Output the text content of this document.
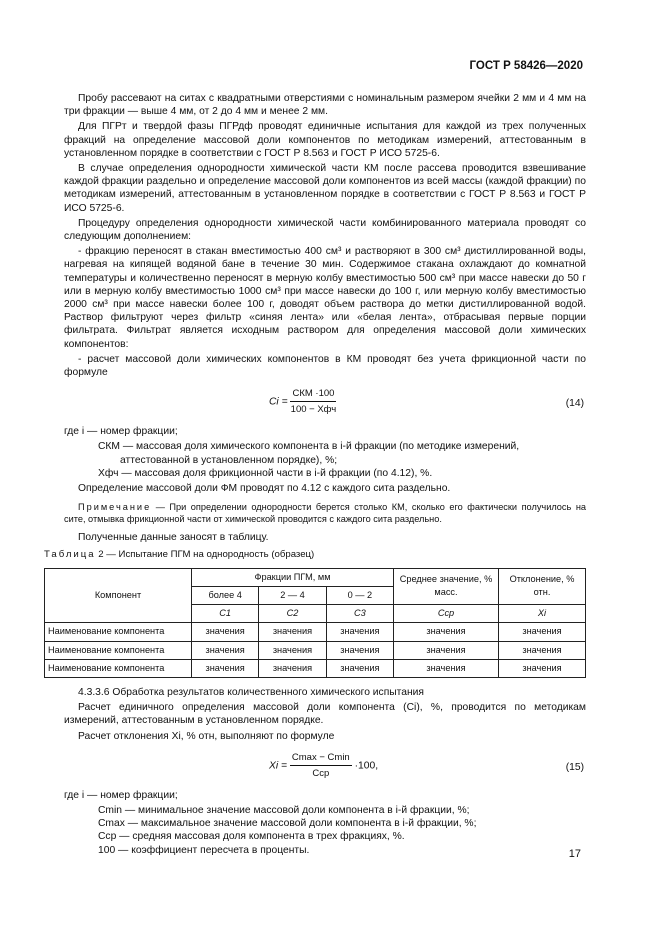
ГОСТ Р 58426—2020

Пробу рассевают на ситах с квадратными отверстиями с номинальным размером ячейки 2 мм и 4 мм на три фракции — выше 4 мм, от 2 до 4 мм и менее 2 мм.

Для ПГРт и твердой фазы ПГРдф проводят единичные испытания для каждой из трех полученных фракций на определение массовой доли компонентов по методикам измерений, аттестованным в установленном порядке в соответствии с ГОСТ Р 8.563 и ГОСТ Р ИСО 5725-6.

В случае определения однородности химической части КМ после рассева проводится взвешивание каждой фракции раздельно и определение массовой доли компонентов из всей массы (каждой фракции) по методикам измерений, аттестованным в установленном порядке в соответствии с ГОСТ Р 8.563 и ГОСТ Р ИСО 5725-6.

Процедуру определения однородности химической части комбинированного материала проводят со следующим дополнением:

- фракцию переносят в стакан вместимостью 400 см³ и растворяют в 300 см³ дистиллированной воды, нагревая на кипящей водяной бане в течение 30 мин. Содержимое стакана охлаждают до комнатной температуры и количественно переносят в мерную колбу вместимостью 500 см³ при массе навески до 50 г или в мерную колбу вместимостью 1000 см³ при массе навески до 100 г, или мерную колбу вместимостью 2000 см³ при массе навески более 100 г, доводят объем раствора до метки дистиллированной водой. Раствор фильтруют через фильтр «синяя лента» или «белая лента», отбрасывая первые порции фильтрата. Фильтрат является исходным раствором для определения массовой доли химических компонентов:

- расчет массовой доли химических компонентов в КМ проводят без учета фрикционной части по формуле

$Ci = \frac{\text{CКМ ·100}}{\text{100 − Xфч}}$	(14)

где i — номер фракции;

CКМ — массовая доля химического компонента в i-й фракции (по методике измерений, аттестованной в установленном порядке), %;

Xфч — массовая доля фрикционной части в i-й фракции (по 4.12), %.

Определение массовой доли ФМ проводят по 4.12 с каждого сита раздельно.

Примечание — При определении однородности берется столько КМ, сколько его фактически получилось на сите, отмывка фрикционной части от химической проводится с каждого сита раздельно.

Полученные данные заносят в таблицу.

Таблица 2 — Испытание ПГМ на однородность (образец)
Компонент	Фракции ПГМ, мм			Среднее значение, % масс.	Отклонение, % отн.
	более 4	2 — 4	0 — 2		
	C1	C2	C3	Cср	Xi
Наименование компонента	значения	значения	значения	значения	значения
Наименование компонента	значения	значения	значения	значения	значения
Наименование компонента	значения	значения	значения	значения	значения

4.3.3.6 Обработка результатов количественного химического испытания

Расчет единичного определения массовой доли компонента (Ci), %, проводится по методикам измерений, аттестованным в установленном порядке.

Расчет отклонения Xi, % отн, выполняют по формуле

$Xi = \frac{Cmax - Cmin}{\text{Cср}} \cdot 100$,	(15)

где i — номер фракции;

Cmin — минимальное значение массовой доли компонента в i-й фракции, %;

Cmax — максимальное значение массовой доли компонента в i-й фракции, %;

Cср — средняя массовая доля компонента в трех фракциях, %.

100 — коэффициент пересчета в проценты.	17
